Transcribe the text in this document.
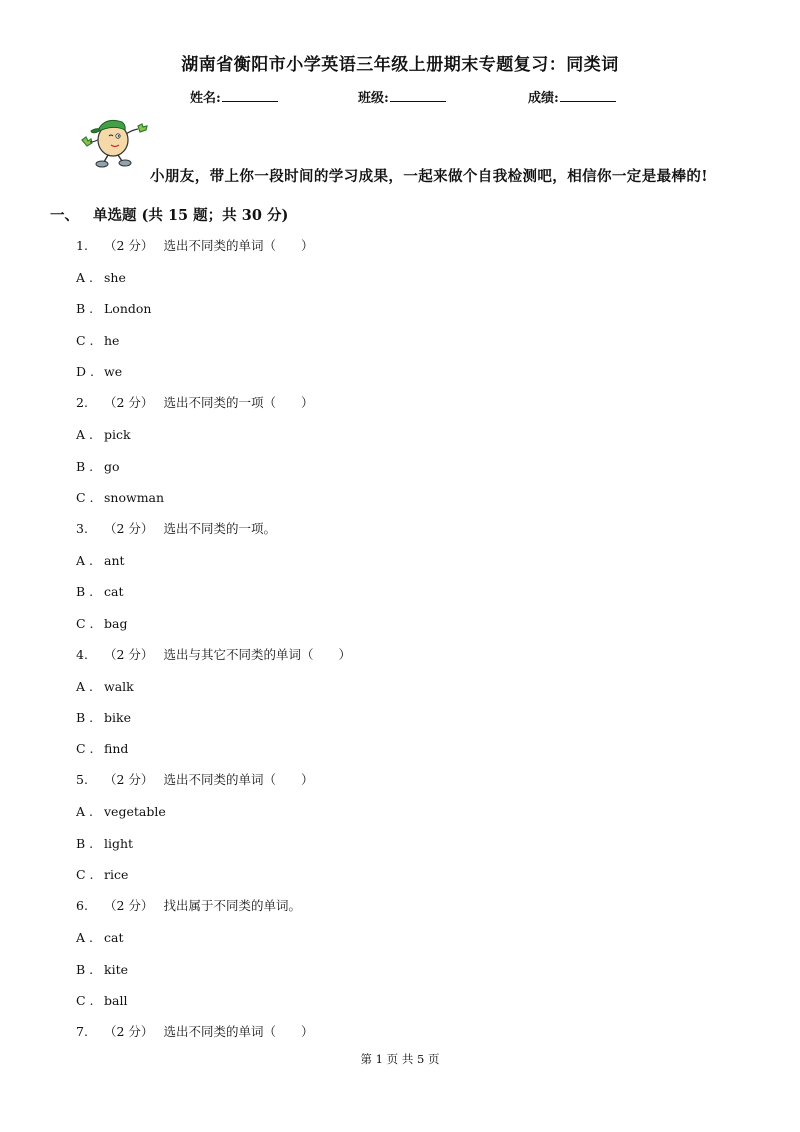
湖南省衡阳市小学英语三年级上册期末专题复习：同类词
姓名:	班级:	成绩:
小朋友，带上你一段时间的学习成果，一起来做个自我检测吧，相信你一定是最棒的!
一、 单选题 (共 15 题；共 30 分)
1. （2 分） 选出不同类的单词（　　）
A . she
B . London
C . he
D . we
2. （2 分） 选出不同类的一项（　　）
A . pick
B . go
C . snowman
3. （2 分） 选出不同类的一项。
A . ant
B . cat
C . bag
4. （2 分） 选出与其它不同类的单词（　　）
A . walk
B . bike
C . find
5. （2 分） 选出不同类的单词（　　）
A . vegetable
B . light
C . rice
6. （2 分） 找出属于不同类的单词。
A . cat
B . kite
C . ball
7. （2 分） 选出不同类的单词（　　）
第 1 页 共 5 页
